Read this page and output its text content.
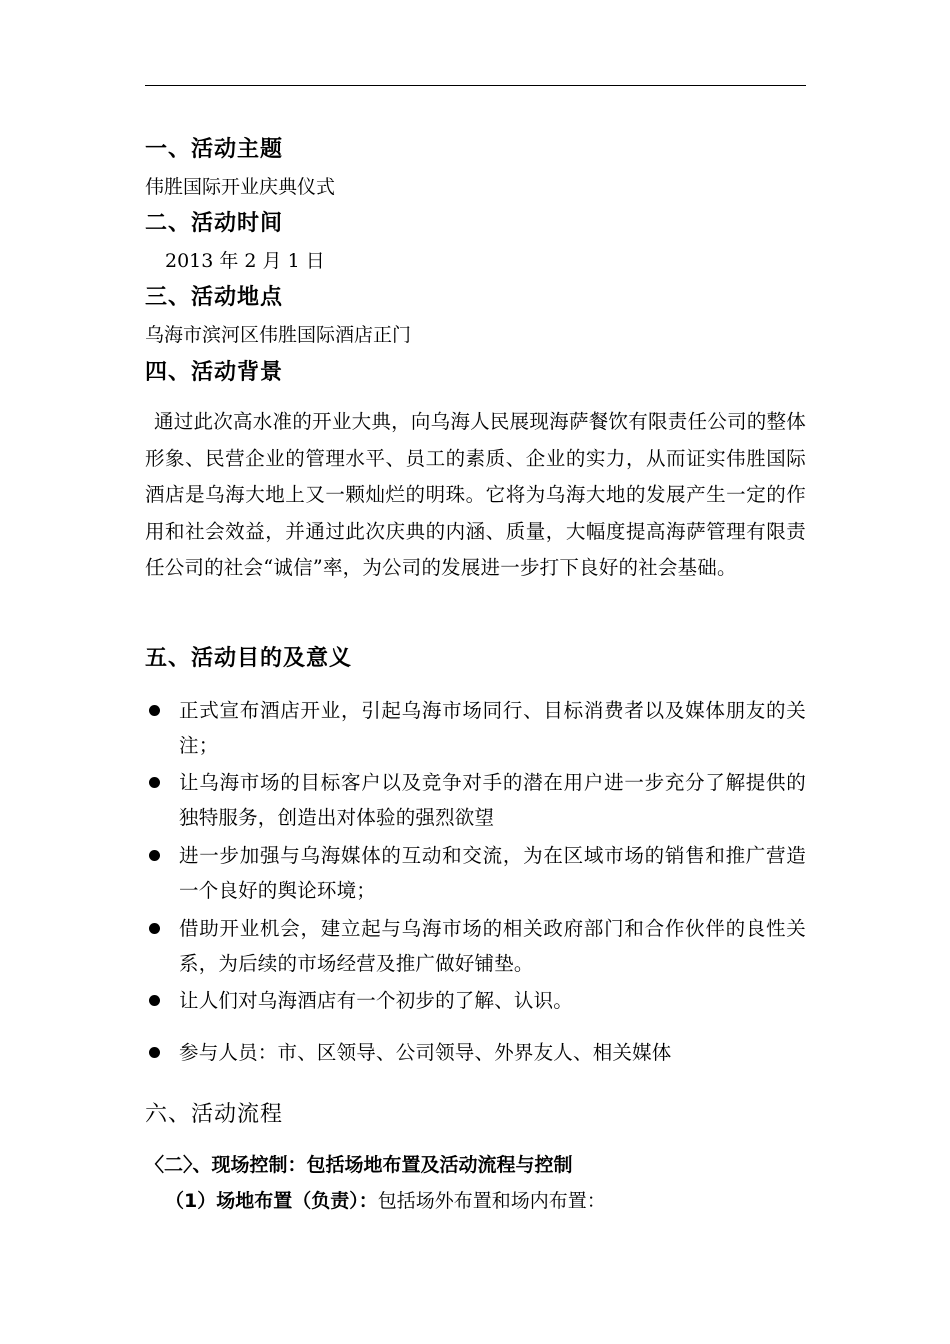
一、活动主题
伟胜国际开业庆典仪式
二、活动时间
2013 年 2 月 1 日
三、活动地点
乌海市滨河区伟胜国际酒店正门
四、活动背景
通过此次高水准的开业大典，向乌海人民展现海萨餐饮有限责任公司的整体形象、民营企业的管理水平、员工的素质、企业的实力，从而证实伟胜国际酒店是乌海大地上又一颗灿烂的明珠。它将为乌海大地的发展产生一定的作用和社会效益，并通过此次庆典的内涵、质量，大幅度提高海萨管理有限责任公司的社会“诚信”率，为公司的发展进一步打下良好的社会基础。
五、活动目的及意义
正式宣布酒店开业，引起乌海市场同行、目标消费者以及媒体朋友的关注；
让乌海市场的目标客户以及竞争对手的潜在用户进一步充分了解提供的独特服务，创造出对体验的强烈欲望
进一步加强与乌海媒体的互动和交流，为在区域市场的销售和推广营造一个良好的舆论环境；
借助开业机会，建立起与乌海市场的相关政府部门和合作伙伴的良性关系，为后续的市场经营及推广做好铺垫。
让人们对乌海酒店有一个初步的了解、认识。
参与人员：市、区领导、公司领导、外界友人、相关媒体
六、活动流程
〈二〉、现场控制：包括场地布置及活动流程与控制
（1）场地布置（负责）：包括场外布置和场内布置：
